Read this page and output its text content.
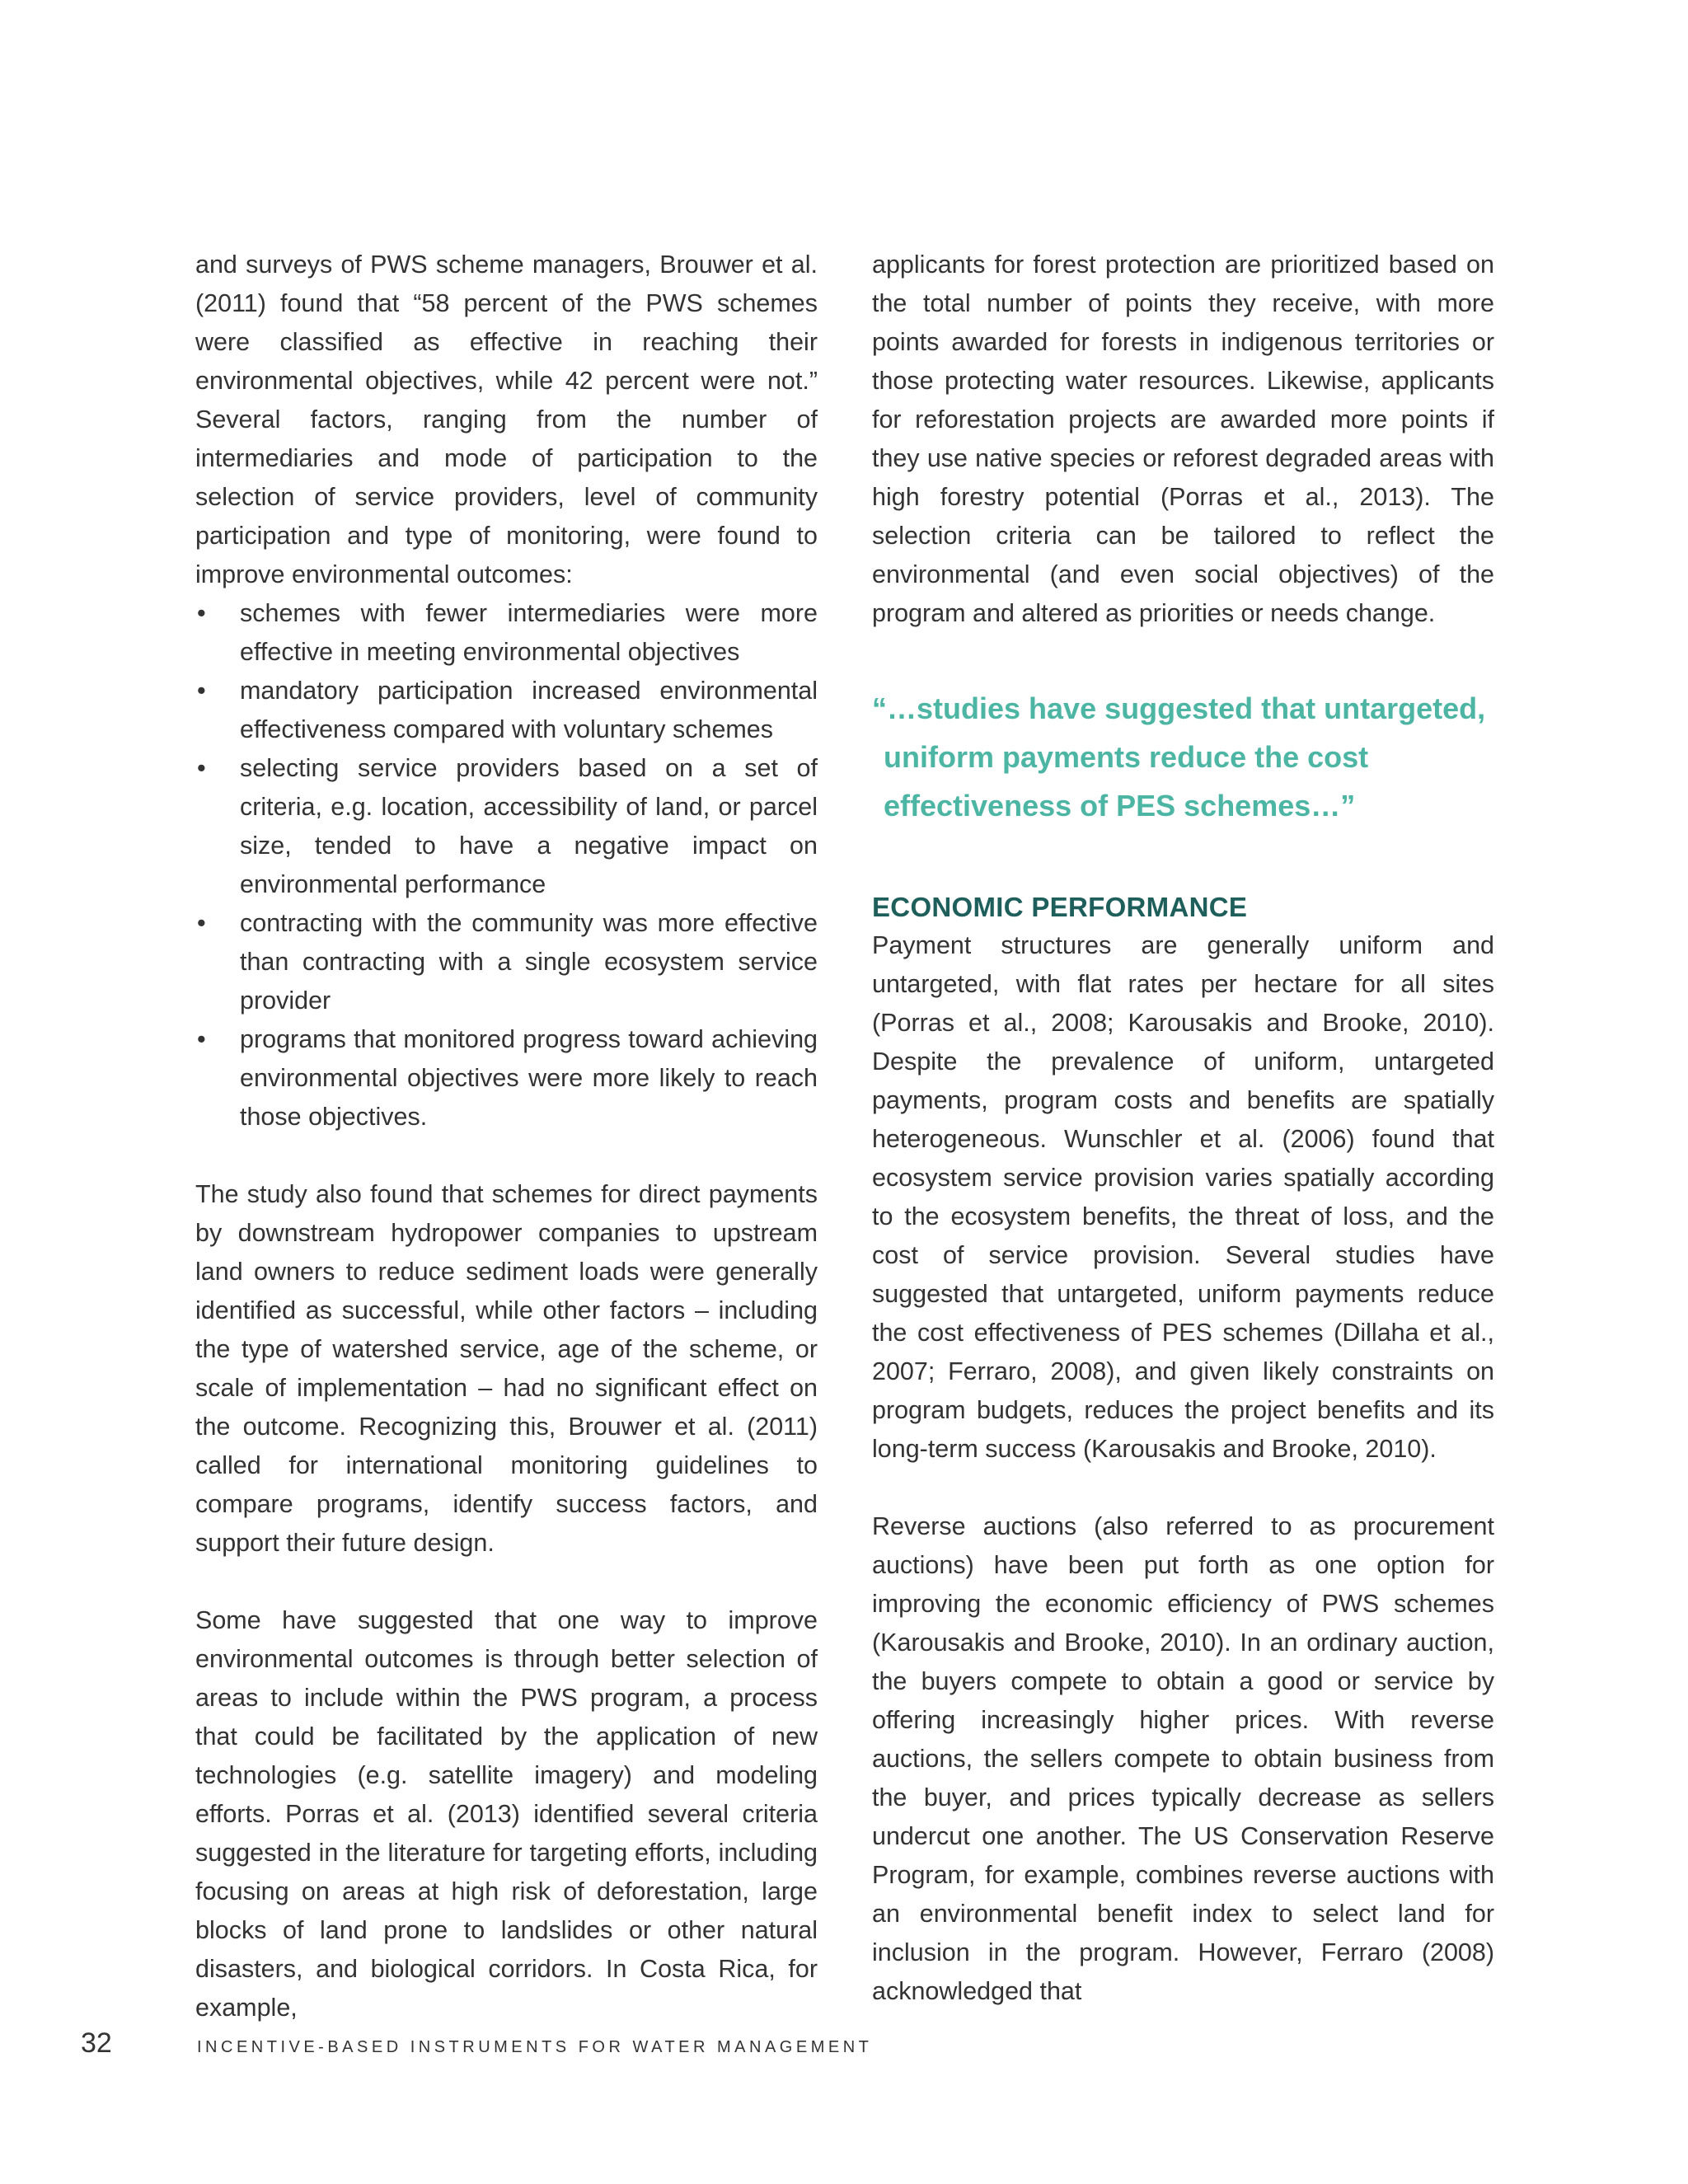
and surveys of PWS scheme managers, Brouwer et al. (2011) found that “58 percent of the PWS schemes were classified as effective in reaching their environmental objectives, while 42 percent were not.” Several factors, ranging from the number of intermediaries and mode of participation to the selection of service providers, level of community participation and type of monitoring, were found to improve environmental outcomes:

• schemes with fewer intermediaries were more effective in meeting environmental objectives
• mandatory participation increased environmental effectiveness compared with voluntary schemes
• selecting service providers based on a set of criteria, e.g. location, accessibility of land, or parcel size, tended to have a negative impact on environmental performance
• contracting with the community was more effective than contracting with a single ecosystem service provider
• programs that monitored progress toward achieving environmental objectives were more likely to reach those objectives.

The study also found that schemes for direct payments by downstream hydropower companies to upstream land owners to reduce sediment loads were generally identified as successful, while other factors – including the type of watershed service, age of the scheme, or scale of implementation – had no significant effect on the outcome. Recognizing this, Brouwer et al. (2011) called for international monitoring guidelines to compare programs, identify success factors, and support their future design.

Some have suggested that one way to improve environmental outcomes is through better selection of areas to include within the PWS program, a process that could be facilitated by the application of new technologies (e.g. satellite imagery) and modeling efforts. Porras et al. (2013) identified several criteria suggested in the literature for targeting efforts, including focusing on areas at high risk of deforestation, large blocks of land prone to landslides or other natural disasters, and biological corridors. In Costa Rica, for example,

applicants for forest protection are prioritized based on the total number of points they receive, with more points awarded for forests in indigenous territories or those protecting water resources. Likewise, applicants for reforestation projects are awarded more points if they use native species or reforest degraded areas with high forestry potential (Porras et al., 2013). The selection criteria can be tailored to reflect the environmental (and even social objectives) of the program and altered as priorities or needs change.

“…studies have suggested that untargeted,
uniform payments reduce the cost
effectiveness of PES schemes…”

ECONOMIC PERFORMANCE

Payment structures are generally uniform and untargeted, with flat rates per hectare for all sites (Porras et al., 2008; Karousakis and Brooke, 2010). Despite the prevalence of uniform, untargeted payments, program costs and benefits are spatially heterogeneous. Wunschler et al. (2006) found that ecosystem service provision varies spatially according to the ecosystem benefits, the threat of loss, and the cost of service provision. Several studies have suggested that untargeted, uniform payments reduce the cost effectiveness of PES schemes (Dillaha et al., 2007; Ferraro, 2008), and given likely constraints on program budgets, reduces the project benefits and its long-term success (Karousakis and Brooke, 2010).

Reverse auctions (also referred to as procurement auctions) have been put forth as one option for improving the economic efficiency of PWS schemes (Karousakis and Brooke, 2010). In an ordinary auction, the buyers compete to obtain a good or service by offering increasingly higher prices. With reverse auctions, the sellers compete to obtain business from the buyer, and prices typically decrease as sellers undercut one another. The US Conservation Reserve Program, for example, combines reverse auctions with an environmental benefit index to select land for inclusion in the program. However, Ferraro (2008) acknowledged that

32	INCENTIVE-BASED INSTRUMENTS FOR WATER MANAGEMENT
